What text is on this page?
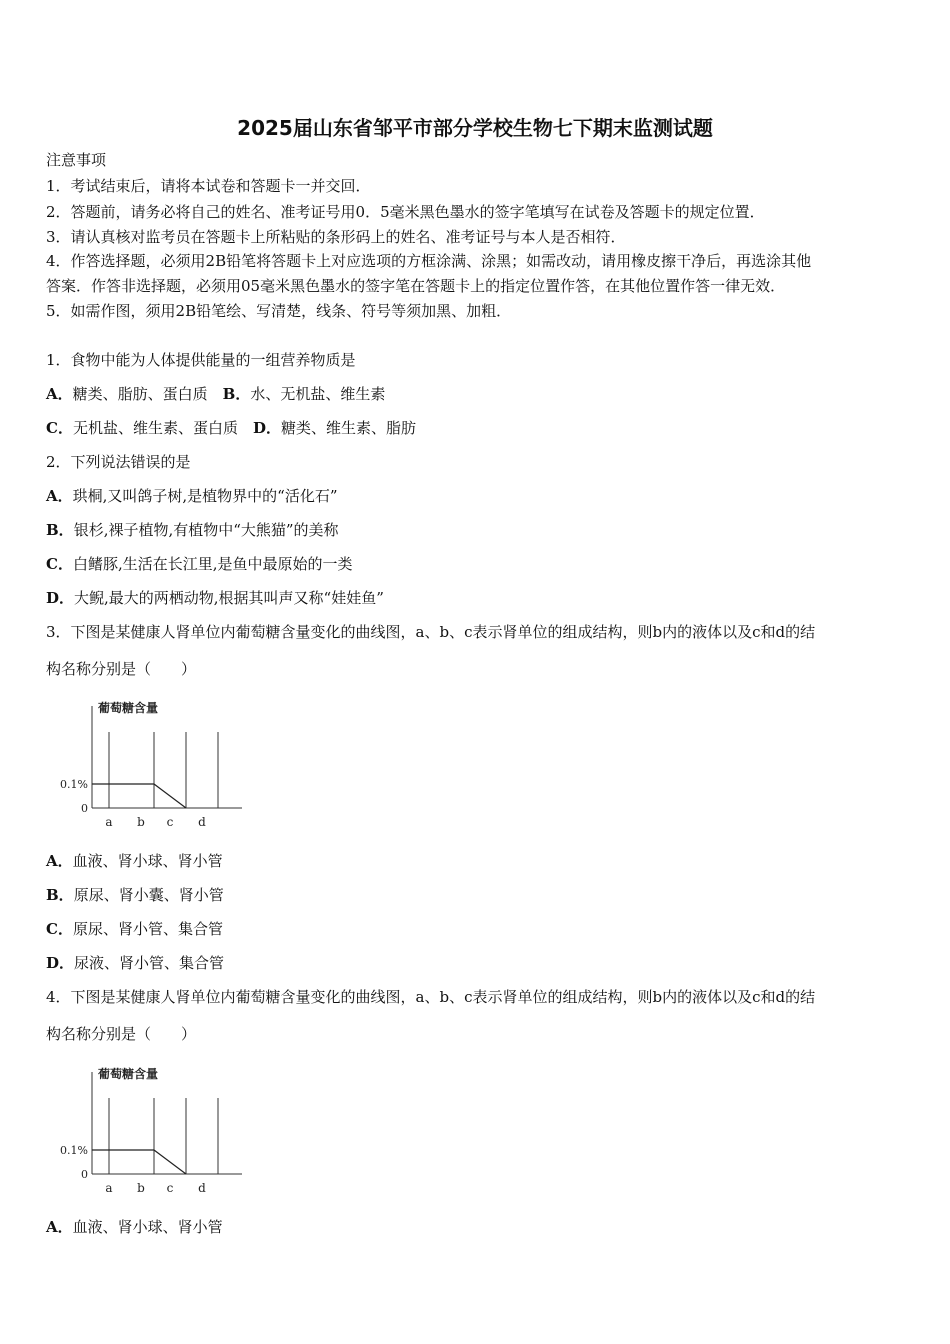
2025届山东省邹平市部分学校生物七下期末监测试题
注意事项
1．考试结束后，请将本试卷和答题卡一并交回．
2．答题前，请务必将自己的姓名、准考证号用0．5毫米黑色墨水的签字笔填写在试卷及答题卡的规定位置．
3．请认真核对监考员在答题卡上所粘贴的条形码上的姓名、准考证号与本人是否相符．
4．作答选择题，必须用2B铅笔将答题卡上对应选项的方框涂满、涂黑；如需改动，请用橡皮擦干净后，再选涂其他
答案．作答非选择题，必须用05毫米黑色墨水的签字笔在答题卡上的指定位置作答，在其他位置作答一律无效．
5．如需作图，须用2B铅笔绘、写清楚，线条、符号等须加黑、加粗．
1．食物中能为人体提供能量的一组营养物质是
A．糖类、脂肪、蛋白质　 B．水、无机盐、维生素
C．无机盐、维生素、蛋白质　 D．糖类、维生素、脂肪
2．下列说法错误的是
A．珙桐,又叫鸽子树,是植物界中的“活化石”
B．银杉,裸子植物,有植物中“大熊猫”的美称
C．白鳍豚,生活在长江里,是鱼中最原始的一类
D．大鲵,最大的两栖动物,根据其叫声又称“娃娃鱼”
3．下图是某健康人肾单位内葡萄糖含量变化的曲线图，a、b、c表示肾单位的组成结构，则b内的液体以及c和d的结
构名称分别是（　　）
葡萄糖含量
0
0.1%
a b c d
A．血液、肾小球、肾小管
B．原尿、肾小囊、肾小管
C．原尿、肾小管、集合管
D．尿液、肾小管、集合管
4．下图是某健康人肾单位内葡萄糖含量变化的曲线图，a、b、c表示肾单位的组成结构，则b内的液体以及c和d的结
构名称分别是（　　）
葡萄糖含量
0
0.1%
a b c d
A．血液、肾小球、肾小管
